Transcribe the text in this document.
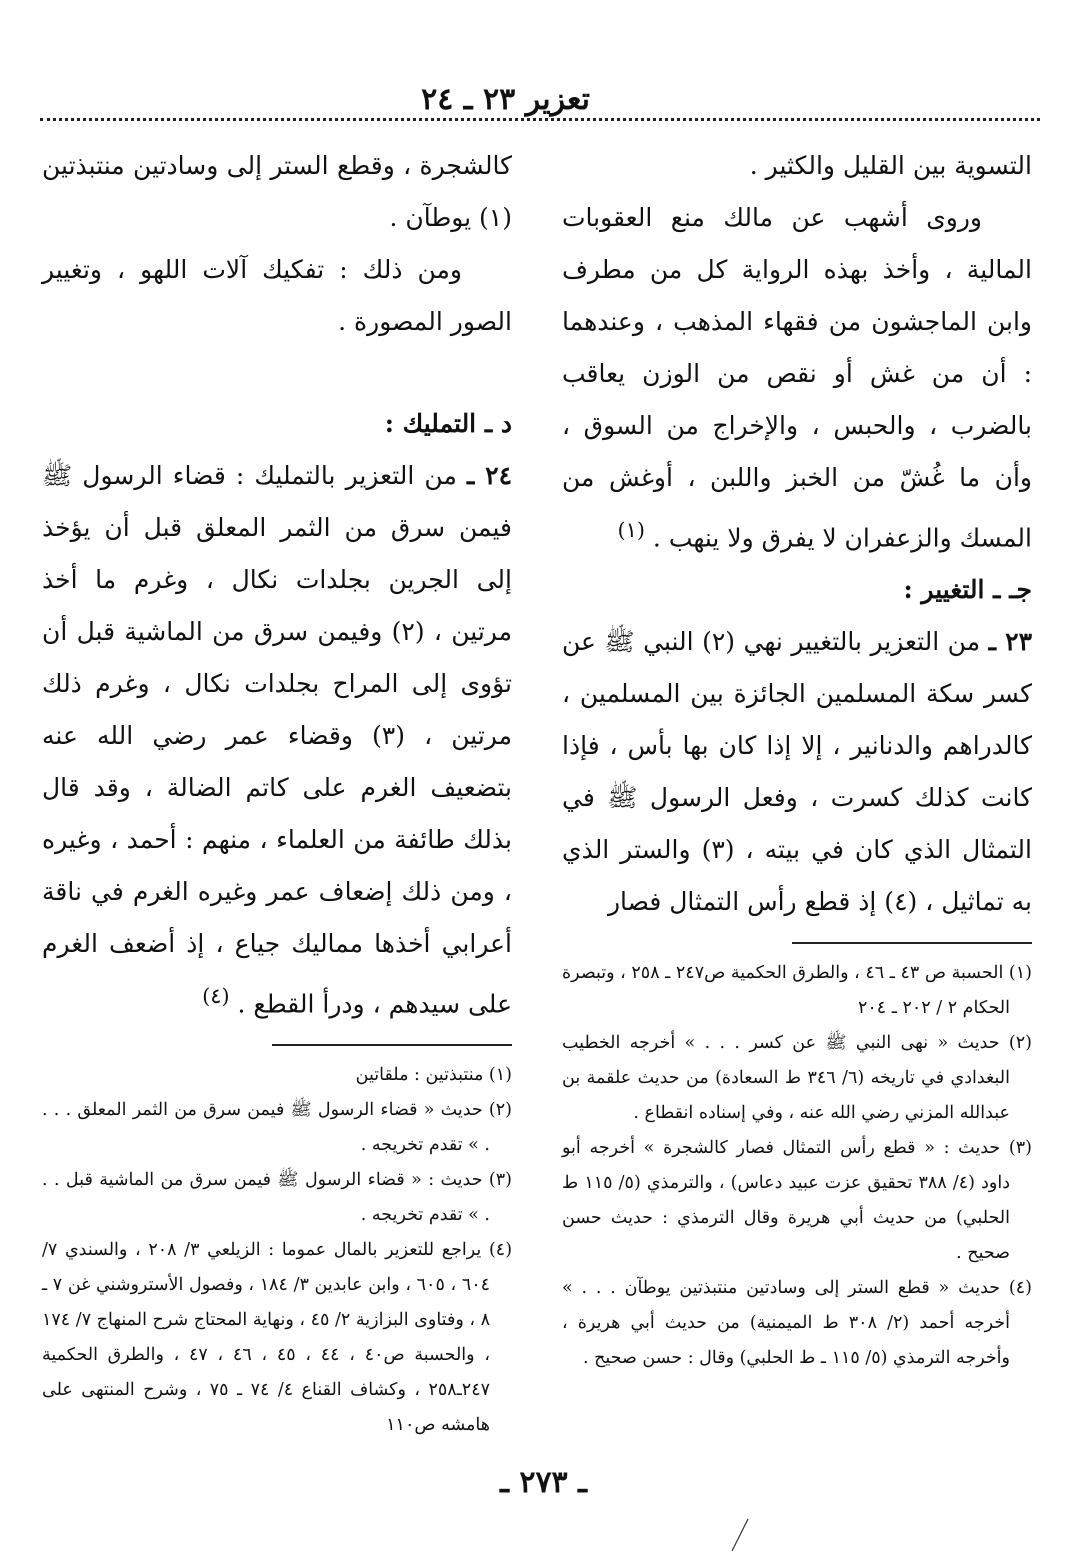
تعزير ٢٣ ـ ٢٤

التسوية بين القليل والكثير .

وروى أشهب عن مالك منع العقوبات المالية ، وأخذ بهذه الرواية كل من مطرف وابن الماجشون من فقهاء المذهب ، وعندهما : أن من غش أو نقص من الوزن يعاقب بالضرب ، والحبس ، والإخراج من السوق ، وأن ما غُشّ من الخبز واللبن ، أوغش من المسك والزعفران لا يفرق ولا ينهب . $^{(١)}$

جـ ـ التغيير :

٢٣ ـ من التعزير بالتغيير نهي (٢) النبي ﷺ عن كسر سكة المسلمين الجائزة بين المسلمين ، كالدراهم والدنانير ، إلا إذا كان بها بأس ، فإذا كانت كذلك كسرت ، وفعل الرسول ﷺ في التمثال الذي كان في بيته ، (٣) والستر الذي به تماثيل ، (٤) إذ قطع رأس التمثال فصار

(١) الحسبة ص ٤٣ ـ ٤٦ ، والطرق الحكمية ص٢٤٧ ـ ٢٥٨ ، وتبصرة الحكام ٢ / ٢٠٢ ـ ٢٠٤

(٢) حديث « نهى النبي ﷺ عن كسر . . . » أخرجه الخطيب البغدادي في تاريخه (٦/ ٣٤٦ ط السعادة) من حديث علقمة بن عبدالله المزني رضي الله عنه ، وفي إسناده انقطاع .

(٣) حديث : « قطع رأس التمثال فصار كالشجرة » أخرجه أبو داود (٤/ ٣٨٨ تحقيق عزت عبيد دعاس) ، والترمذي (٥/ ١١٥ ط الحلبي) من حديث أبي هريرة وقال الترمذي : حديث حسن صحيح .

(٤) حديث « قطع الستر إلى وسادتين منتبذتين يوطآن . . . » أخرجه أحمد (٢/ ٣٠٨ ط الميمنية) من حديث أبي هريرة ، وأخرجه الترمذي (٥/ ١١٥ ـ ط الحلبي) وقال : حسن صحيح .

كالشجرة ، وقطع الستر إلى وسادتين منتبذتين (١) يوطآن .

ومن ذلك : تفكيك آلات اللهو ، وتغيير الصور المصورة .

د ـ التمليك :

٢٤ ـ من التعزير بالتمليك : قضاء الرسول ﷺ فيمن سرق من الثمر المعلق قبل أن يؤخذ إلى الجرين بجلدات نكال ، وغرم ما أخذ مرتين ، (٢) وفيمن سرق من الماشية قبل أن تؤوى إلى المراح بجلدات نكال ، وغرم ذلك مرتين ، (٣) وقضاء عمر رضي الله عنه بتضعيف الغرم على كاتم الضالة ، وقد قال بذلك طائفة من العلماء ، منهم : أحمد ، وغيره ، ومن ذلك إضعاف عمر وغيره الغرم في ناقة أعرابي أخذها مماليك جياع ، إذ أضعف الغرم على سيدهم ، ودرأ القطع . $^{(٤)}$

(١) منتبذتين : ملقاتين

(٢) حديث « قضاء الرسول ﷺ فيمن سرق من الثمر المعلق . . . . » تقدم تخريجه .

(٣) حديث : « قضاء الرسول ﷺ فيمن سرق من الماشية قبل . . . » تقدم تخريجه .

(٤) يراجع للتعزير بالمال عموما : الزيلعي ٣/ ٢٠٨ ، والسندي ٧/ ٦٠٤ ، ٦٠٥ ، وابن عابدين ٣/ ١٨٤ ، وفصول الأستروشني غن ٧ ـ ٨ ، وفتاوى البزازية ٢/ ٤٥ ، ونهاية المحتاج شرح المنهاج ٧/ ١٧٤ ، والحسبة ص٤٠ ، ٤٤ ، ٤٥ ، ٤٦ ، ٤٧ ، والطرق الحكمية ٢٤٧ـ٢٥٨ ، وكشاف القناع ٤/ ٧٤ ـ ٧٥ ، وشرح المنتهى على هامشه ص١١٠

ـ ٢٧٣ ـ
